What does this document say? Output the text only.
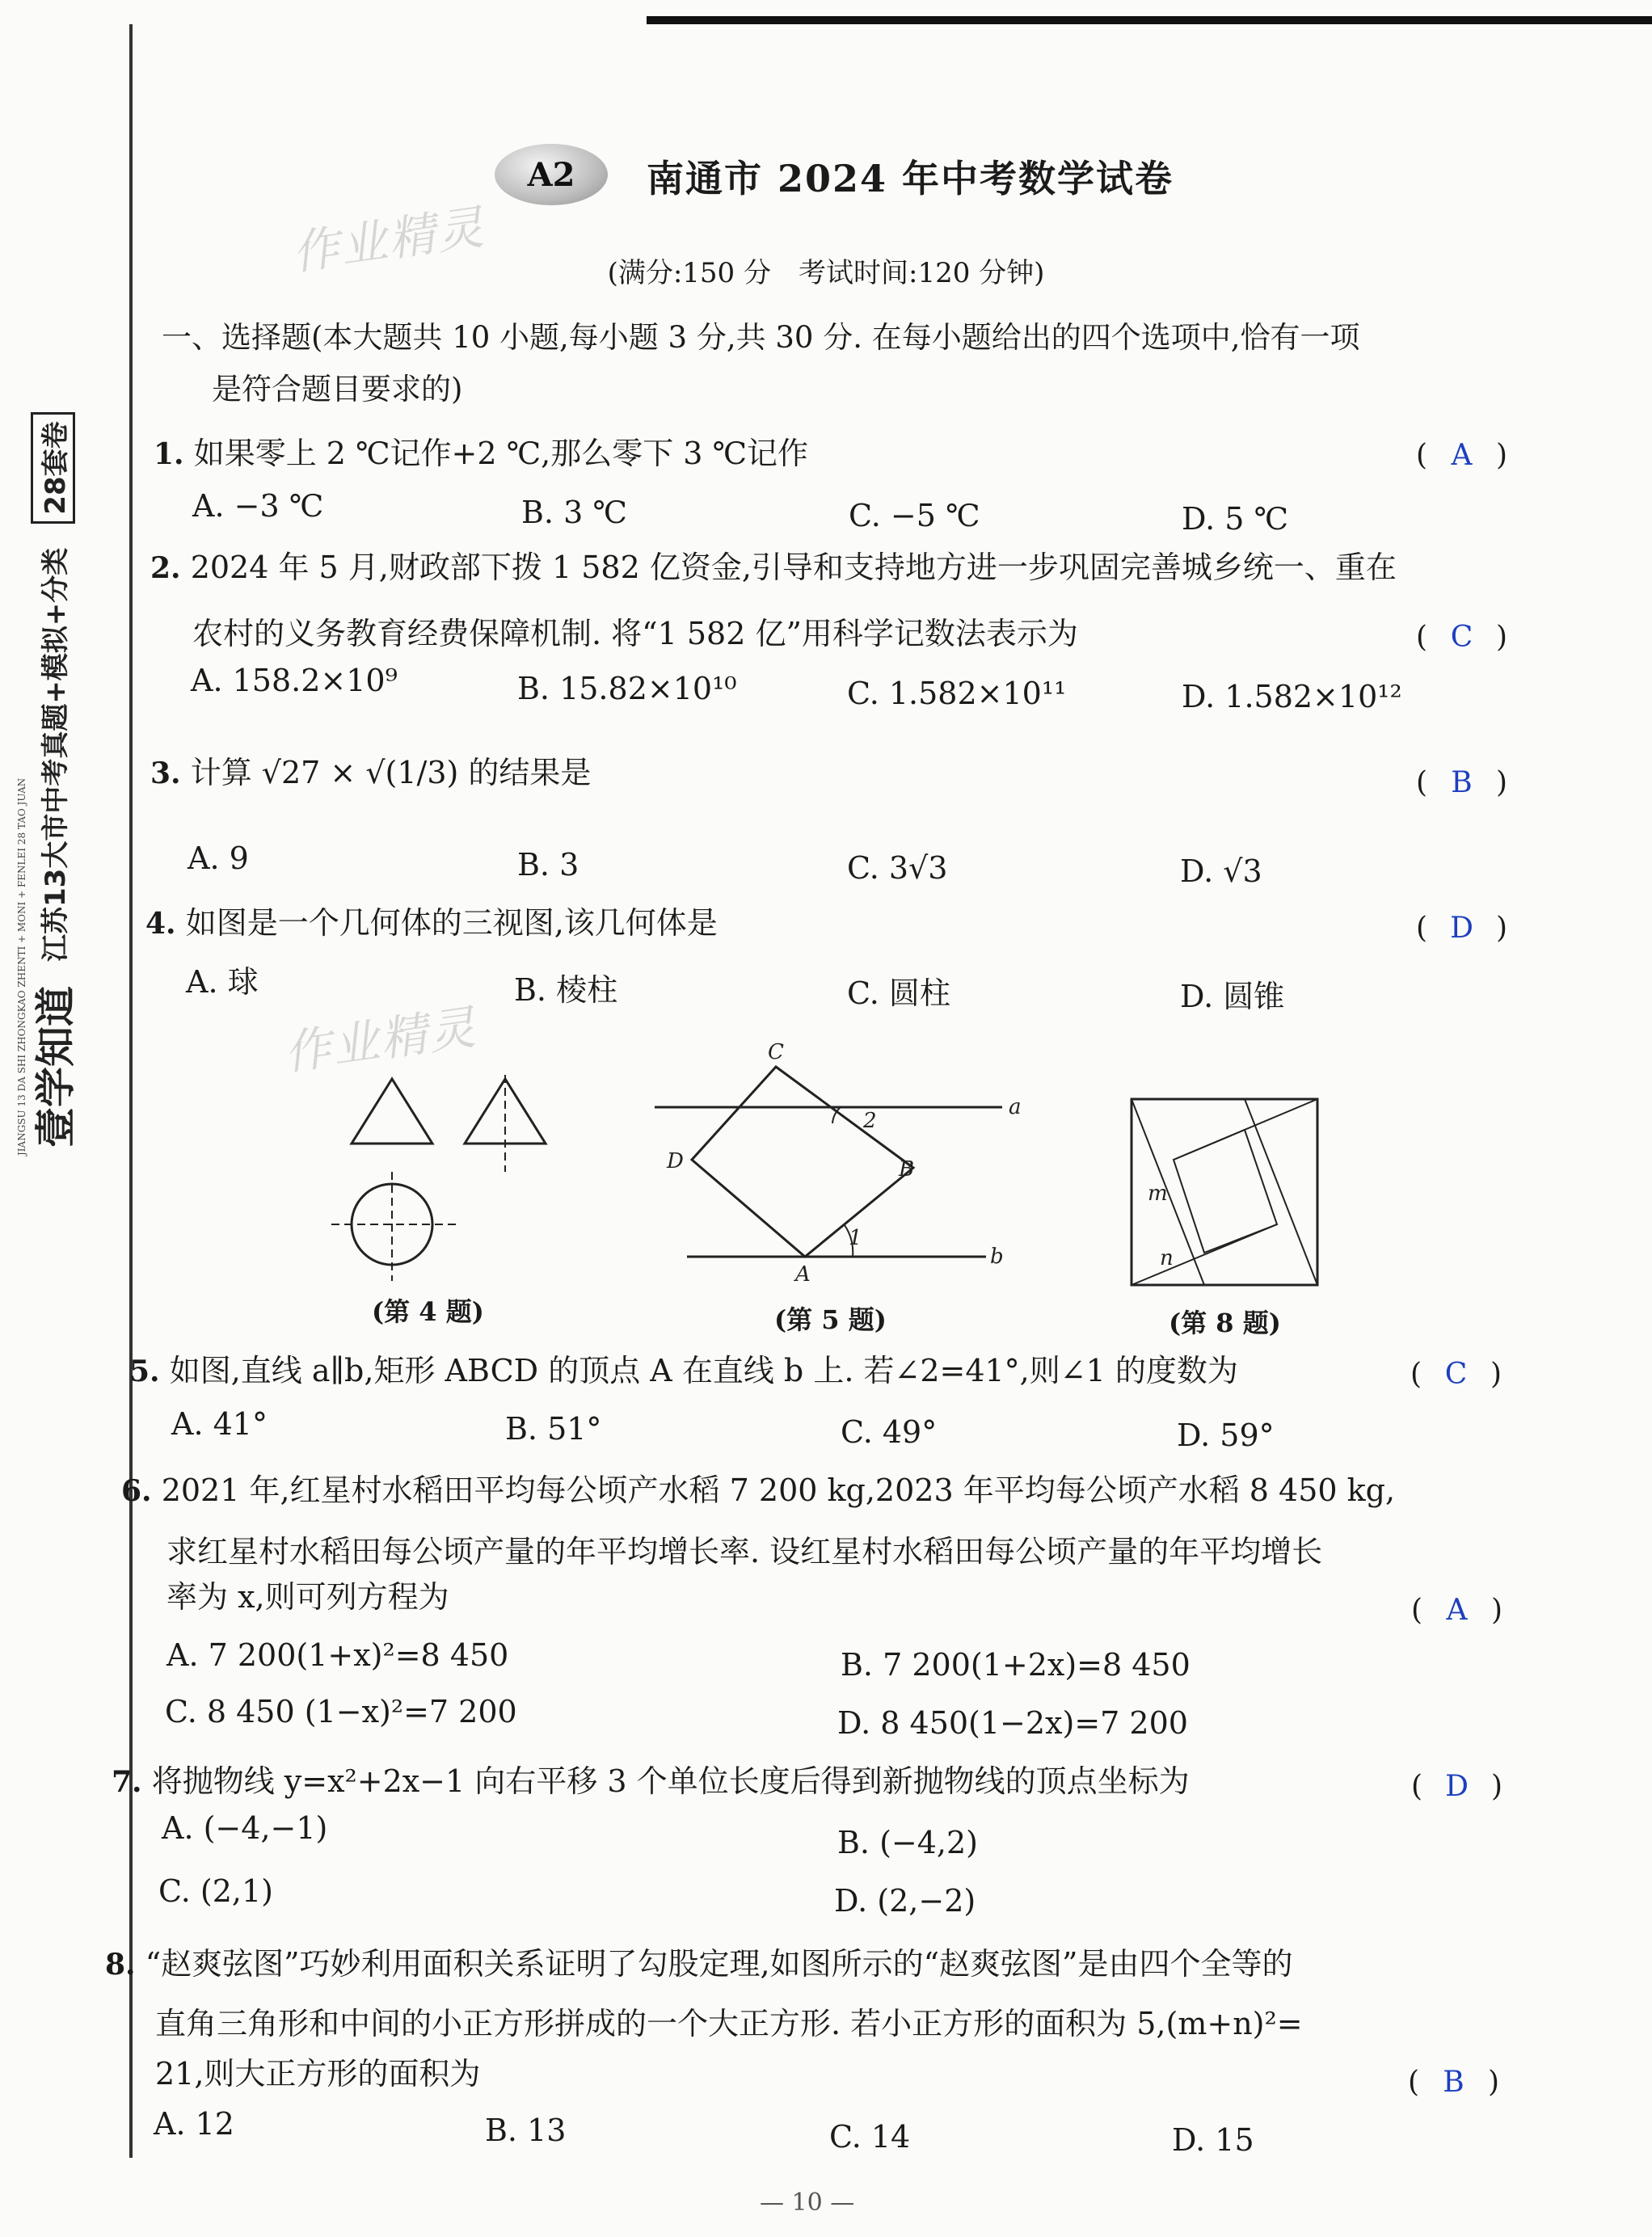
壹学知道
江苏13大市中考真题+模拟+分类
28套卷
JIANGSU 13 DA SHI ZHONGKAO ZHENTI + MONI + FENLEI 28 TAO JUAN
A2	南通市 2024 年中考数学试卷
(满分:150 分　考试时间:120 分钟)
作业精灵
作业精灵
一、选择题(本大题共 10 小题,每小题 3 分,共 30 分. 在每小题给出的四个选项中,恰有一项
是符合题目要求的)
1. 如果零上 2 ℃记作+2 ℃,那么零下 3 ℃记作	( A )
A. −3 ℃	B. 3 ℃	C. −5 ℃	D. 5 ℃
2. 2024 年 5 月,财政部下拨 1 582 亿资金,引导和支持地方进一步巩固完善城乡统一、重在
农村的义务教育经费保障机制. 将“1 582 亿”用科学记数法表示为	( C )
A. 158.2×10⁹	B. 15.82×10¹⁰	C. 1.582×10¹¹	D. 1.582×10¹²
3. 计算 √27 × √(1/3) 的结果是	( B )
A. 9	B. 3	C. 3√3	D. √3
4. 如图是一个几何体的三视图,该几何体是	( D )
A. 球	B. 棱柱	C. 圆柱	D. 圆锥
(第 4 题)
C
D	B
A
a
b
1
2
(第 5 题)
m
n
(第 8 题)
5. 如图,直线 a∥b,矩形 ABCD 的顶点 A 在直线 b 上. 若∠2=41°,则∠1 的度数为	( C )
A. 41°	B. 51°	C. 49°	D. 59°
6. 2021 年,红星村水稻田平均每公顷产水稻 7 200 kg,2023 年平均每公顷产水稻 8 450 kg,
求红星村水稻田每公顷产量的年平均增长率. 设红星村水稻田每公顷产量的年平均增长
率为 x,则可列方程为	( A )
A. 7 200(1+x)²=8 450	B. 7 200(1+2x)=8 450
C. 8 450 (1−x)²=7 200	D. 8 450(1−2x)=7 200
7. 将抛物线 y=x²+2x−1 向右平移 3 个单位长度后得到新抛物线的顶点坐标为	( D )
A. (−4,−1)	B. (−4,2)
C. (2,1)	D. (2,−2)
8. “赵爽弦图”巧妙利用面积关系证明了勾股定理,如图所示的“赵爽弦图”是由四个全等的
直角三角形和中间的小正方形拼成的一个大正方形. 若小正方形的面积为 5,(m+n)²=
21,则大正方形的面积为	( B )
A. 12	B. 13	C. 14	D. 15
— 10 —
